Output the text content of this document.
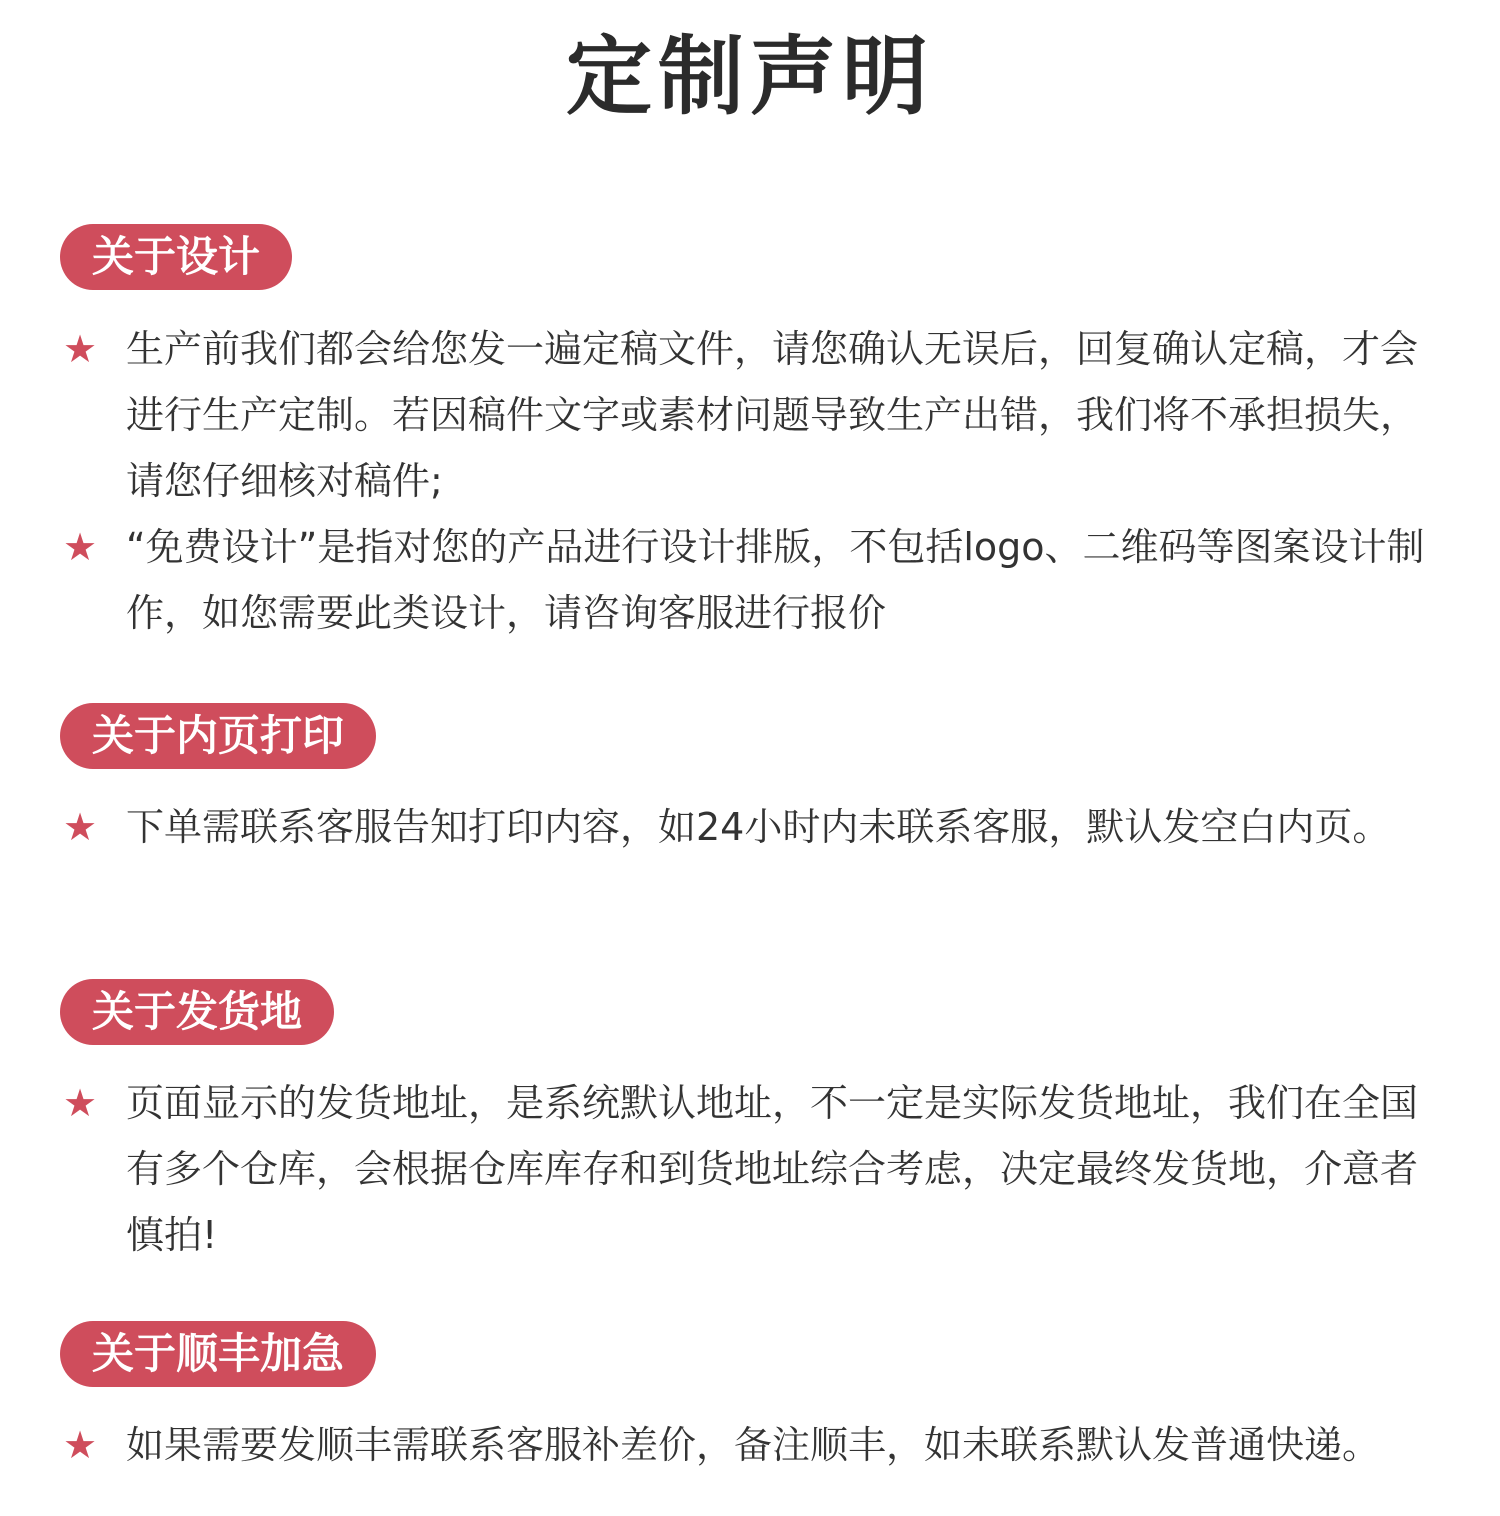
定制声明
关于设计
★ 生产前我们都会给您发一遍定稿文件，请您确认无误后，回复确认定稿，才会进行生产定制。若因稿件文字或素材问题导致生产出错，我们将不承担损失，请您仔细核对稿件;
★ “免费设计”是指对您的产品进行设计排版，不包括logo、二维码等图案设计制作，如您需要此类设计，请咨询客服进行报价
关于内页打印
★ 下单需联系客服告知打印内容，如24小时内未联系客服，默认发空白内页。
关于发货地
★ 页面显示的发货地址，是系统默认地址，不一定是实际发货地址，我们在全国有多个仓库，会根据仓库库存和到货地址综合考虑，决定最终发货地，介意者慎拍!
关于顺丰加急
★ 如果需要发顺丰需联系客服补差价，备注顺丰，如未联系默认发普通快递。
